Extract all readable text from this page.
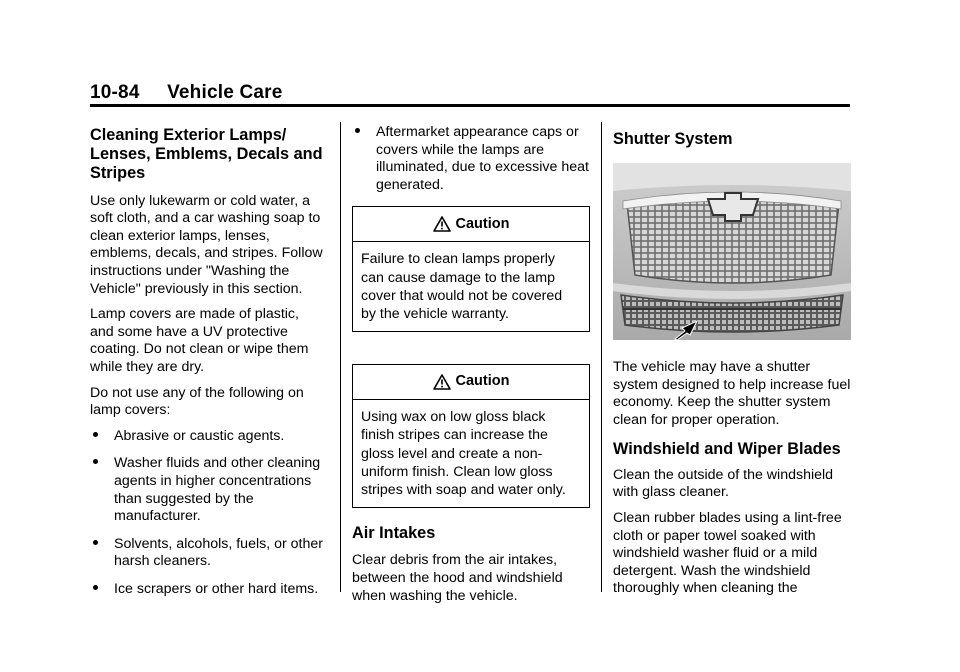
10-84 Vehicle Care
Cleaning Exterior Lamps/ Lenses, Emblems, Decals and Stripes

Use only lukewarm or cold water, a soft cloth, and a car washing soap to clean exterior lamps, lenses, emblems, decals, and stripes. Follow instructions under "Washing the Vehicle" previously in this section.

Lamp covers are made of plastic, and some have a UV protective coating. Do not clean or wipe them while they are dry.

Do not use any of the following on lamp covers:

Abrasive or caustic agents.
Washer fluids and other cleaning agents in higher concentrations than suggested by the manufacturer.
Solvents, alcohols, fuels, or other harsh cleaners.
Ice scrapers or other hard items.
Aftermarket appearance caps or covers while the lamps are illuminated, due to excessive heat generated.
Caution
Failure to clean lamps properly can cause damage to the lamp cover that would not be covered by the vehicle warranty.
Caution
Using wax on low gloss black finish stripes can increase the gloss level and create a non-uniform finish. Clean low gloss stripes with soap and water only.
Air Intakes

Clear debris from the air intakes, between the hood and windshield when washing the vehicle.

Shutter System

The vehicle may have a shutter system designed to help increase fuel economy. Keep the shutter system clean for proper operation.

Windshield and Wiper Blades

Clean the outside of the windshield with glass cleaner.

Clean rubber blades using a lint-free cloth or paper towel soaked with windshield washer fluid or a mild detergent. Wash the windshield thoroughly when cleaning the
